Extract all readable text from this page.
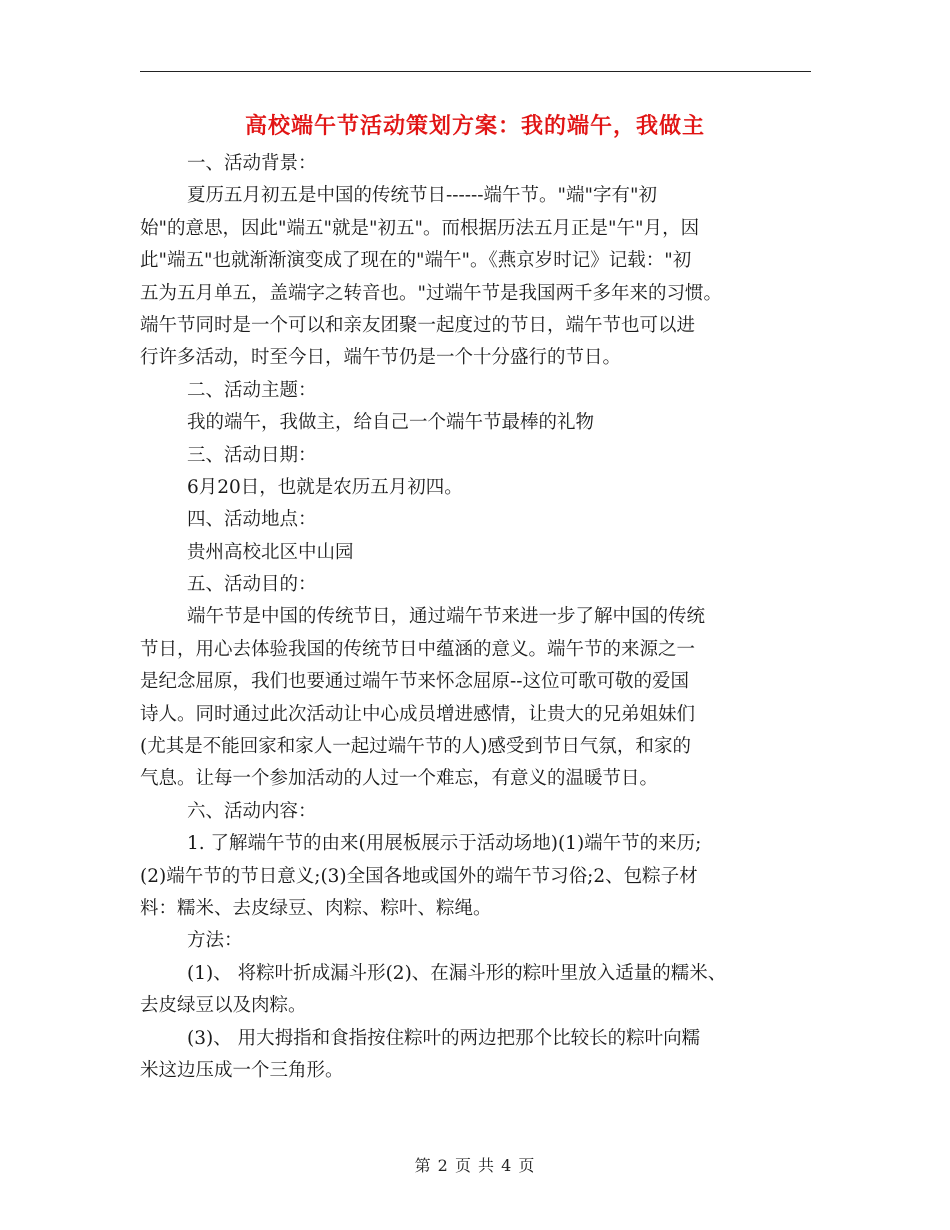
高校端午节活动策划方案：我的端午，我做主
一、活动背景：
夏历五月初五是中国的传统节日------端午节。"端"字有"初
始"的意思，因此"端五"就是"初五"。而根据历法五月正是"午"月，因
此"端五"也就渐渐演变成了现在的"端午"。《燕京岁时记》记载："初
五为五月单五，盖端字之转音也。"过端午节是我国两千多年来的习惯。
端午节同时是一个可以和亲友团聚一起度过的节日，端午节也可以进
行许多活动，时至今日，端午节仍是一个十分盛行的节日。
二、活动主题：
我的端午，我做主，给自己一个端午节最棒的礼物
三、活动日期：
6月20日，也就是农历五月初四。
四、活动地点：
贵州高校北区中山园
五、活动目的：
端午节是中国的传统节日，通过端午节来进一步了解中国的传统
节日，用心去体验我国的传统节日中蕴涵的意义。端午节的来源之一
是纪念屈原，我们也要通过端午节来怀念屈原--这位可歌可敬的爱国
诗人。同时通过此次活动让中心成员增进感情，让贵大的兄弟姐妹们
(尤其是不能回家和家人一起过端午节的人)感受到节日气氛，和家的
气息。让每一个参加活动的人过一个难忘，有意义的温暖节日。
六、活动内容：
1. 了解端午节的由来(用展板展示于活动场地)(1)端午节的来历;
(2)端午节的节日意义;(3)全国各地或国外的端午节习俗;2、包粽子材
料：糯米、去皮绿豆、肉粽、粽叶、粽绳。
方法：
(1)、 将粽叶折成漏斗形(2)、在漏斗形的粽叶里放入适量的糯米、
去皮绿豆以及肉粽。
(3)、 用大拇指和食指按住粽叶的两边把那个比较长的粽叶向糯
米这边压成一个三角形。
第 2 页 共 4 页
